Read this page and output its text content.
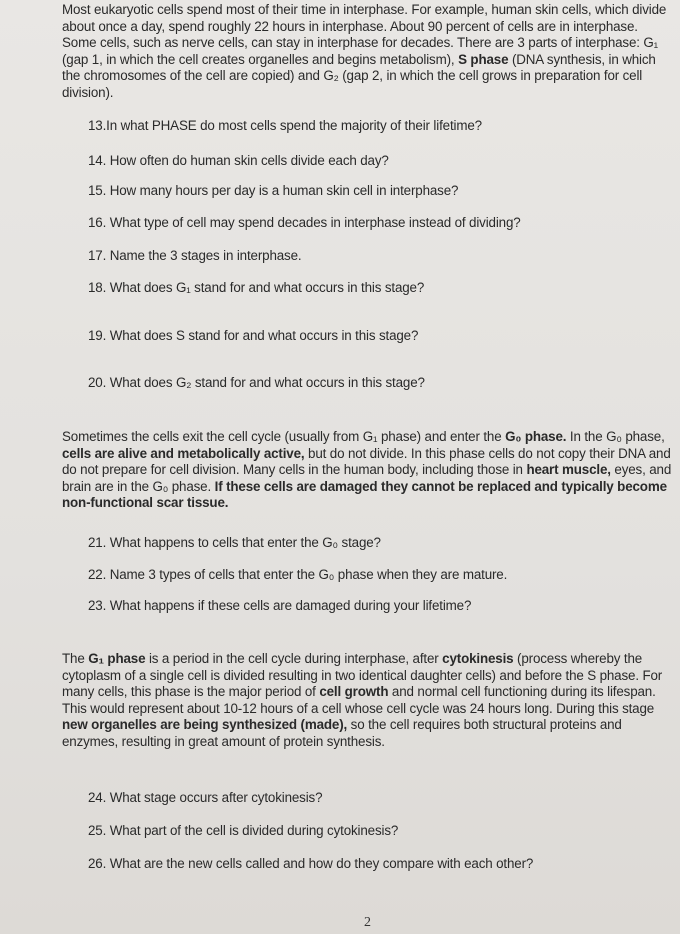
Most eukaryotic cells spend most of their time in interphase. For example, human skin cells, which divide about once a day, spend roughly 22 hours in interphase. About 90 percent of cells are in interphase. Some cells, such as nerve cells, can stay in interphase for decades. There are 3 parts of interphase: G₁ (gap 1, in which the cell creates organelles and begins metabolism), S phase (DNA synthesis, in which the chromosomes of the cell are copied) and G₂ (gap 2, in which the cell grows in preparation for cell division).

13.In what PHASE do most cells spend the majority of their lifetime?

14. How often do human skin cells divide each day?

15. How many hours per day is a human skin cell in interphase?

16. What type of cell may spend decades in interphase instead of dividing?

17. Name the 3 stages in interphase.

18. What does G₁ stand for and what occurs in this stage?

19. What does S stand for and what occurs in this stage?

20. What does G₂ stand for and what occurs in this stage?

Sometimes the cells exit the cell cycle (usually from G₁ phase) and enter the G₀ phase. In the G₀ phase, cells are alive and metabolically active, but do not divide. In this phase cells do not copy their DNA and do not prepare for cell division. Many cells in the human body, including those in heart muscle, eyes, and brain are in the G₀ phase. If these cells are damaged they cannot be replaced and typically become non-functional scar tissue.

21. What happens to cells that enter the G₀ stage?

22. Name 3 types of cells that enter the G₀ phase when they are mature.

23. What happens if these cells are damaged during your lifetime?

The G₁ phase is a period in the cell cycle during interphase, after cytokinesis (process whereby the cytoplasm of a single cell is divided resulting in two identical daughter cells) and before the S phase. For many cells, this phase is the major period of cell growth and normal cell functioning during its lifespan. This would represent about 10-12 hours of a cell whose cell cycle was 24 hours long. During this stage new organelles are being synthesized (made), so the cell requires both structural proteins and enzymes, resulting in great amount of protein synthesis.

24. What stage occurs after cytokinesis?

25. What part of the cell is divided during cytokinesis?

26. What are the new cells called and how do they compare with each other?

2
